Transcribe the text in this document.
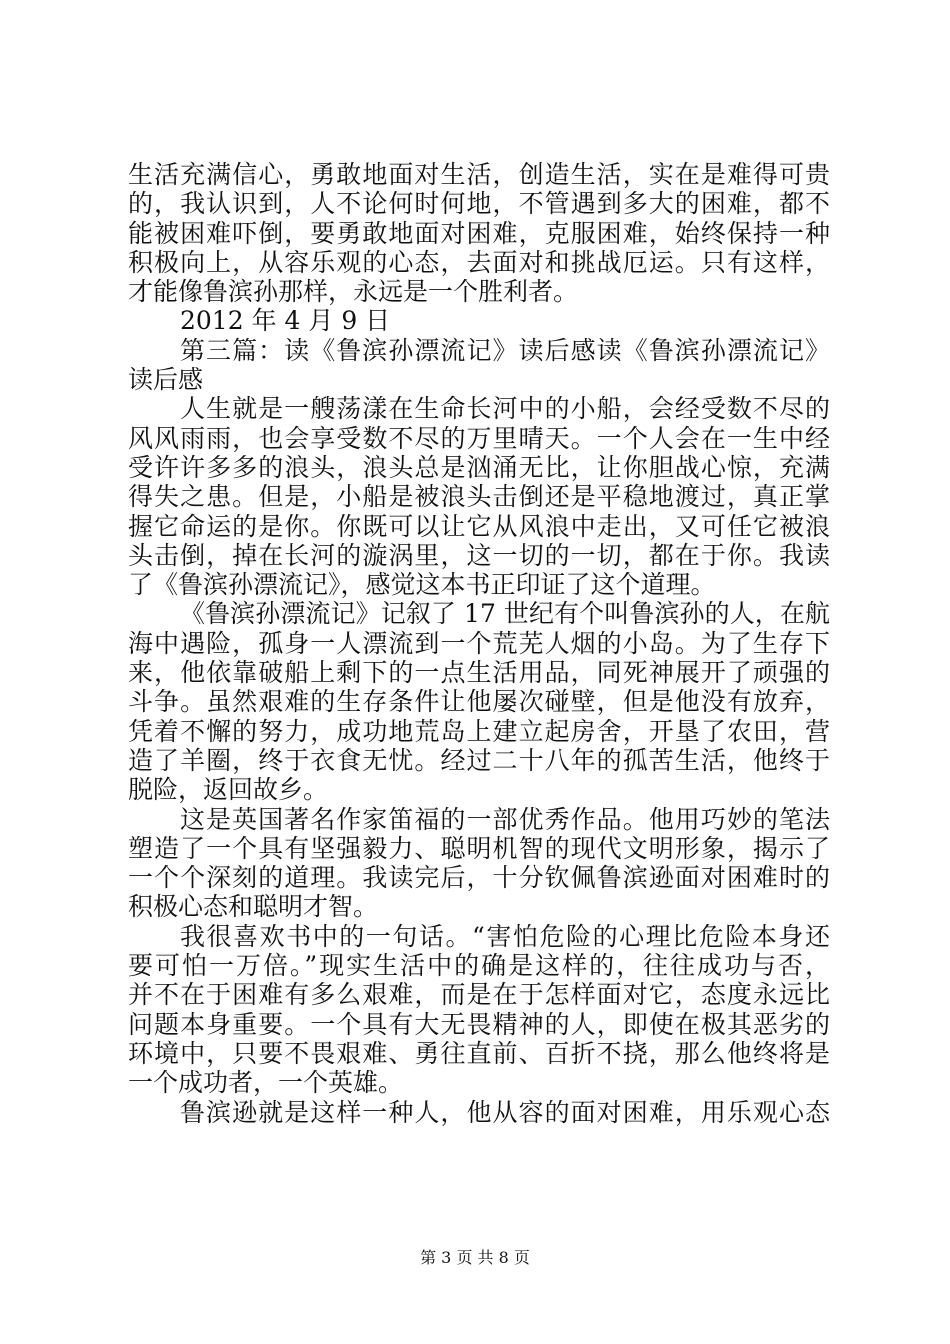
生活充满信心，勇敢地面对生活，创造生活，实在是难得可贵
的，我认识到，人不论何时何地，不管遇到多大的困难，都不
能被困难吓倒，要勇敢地面对困难，克服困难，始终保持一种
积极向上，从容乐观的心态，去面对和挑战厄运。只有这样，
才能像鲁滨孙那样，永远是一个胜利者。
2012 年 4 月 9 日
第三篇：读《鲁滨孙漂流记》读后感读《鲁滨孙漂流记》
读后感
人生就是一艘荡漾在生命长河中的小船，会经受数不尽的
风风雨雨，也会享受数不尽的万里晴天。一个人会在一生中经
受许许多多的浪头，浪头总是汹涌无比，让你胆战心惊，充满
得失之患。但是，小船是被浪头击倒还是平稳地渡过，真正掌
握它命运的是你。你既可以让它从风浪中走出，又可任它被浪
头击倒，掉在长河的漩涡里，这一切的一切，都在于你。我读
了《鲁滨孙漂流记》，感觉这本书正印证了这个道理。
《鲁滨孙漂流记》记叙了 17 世纪有个叫鲁滨孙的人，在航
海中遇险，孤身一人漂流到一个荒芜人烟的小岛。为了生存下
来，他依靠破船上剩下的一点生活用品，同死神展开了顽强的
斗争。虽然艰难的生存条件让他屡次碰壁，但是他没有放弃，
凭着不懈的努力，成功地荒岛上建立起房舍，开垦了农田，营
造了羊圈，终于衣食无忧。经过二十八年的孤苦生活，他终于
脱险，返回故乡。
这是英国著名作家笛福的一部优秀作品。他用巧妙的笔法
塑造了一个具有坚强毅力、聪明机智的现代文明形象，揭示了
一个个深刻的道理。我读完后，十分钦佩鲁滨逊面对困难时的
积极心态和聪明才智。
我很喜欢书中的一句话。“害怕危险的心理比危险本身还
要可怕一万倍。”现实生活中的确是这样的，往往成功与否，
并不在于困难有多么艰难，而是在于怎样面对它，态度永远比
问题本身重要。一个具有大无畏精神的人，即使在极其恶劣的
环境中，只要不畏艰难、勇往直前、百折不挠，那么他终将是
一个成功者，一个英雄。
鲁滨逊就是这样一种人，他从容的面对困难，用乐观心态
第 3 页 共 8 页
